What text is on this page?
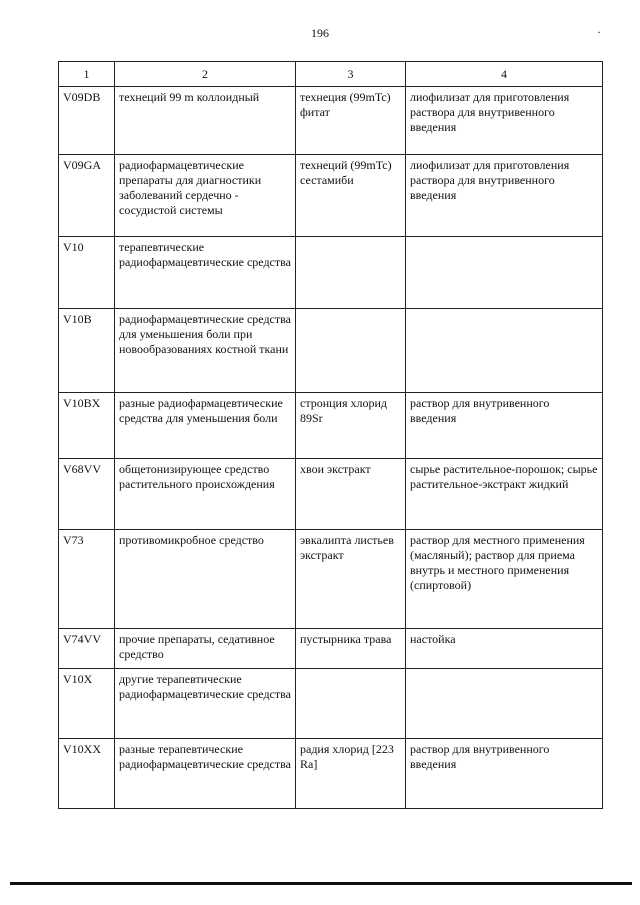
196	·
1	2	3	4
V09DB	технеций 99 m коллоидный	технеция (99mTc) фитат	лиофилизат для приготовления раствора для внутривенного введения
V09GA	радиофармацевтические препараты для диагностики заболеваний сердечно - сосудистой системы	технеций (99mTc) сестамиби	лиофилизат для приготовления раствора для внутривенного введения
V10	терапевтические радиофармацевтические средства		
V10B	радиофармацевтические средства для уменьшения боли при новообразованиях костной ткани		
V10BX	разные радиофармацевтические средства для уменьшения боли	стронция хлорид 89Sr	раствор для внутривенного введения
V68VV	общетонизирующее средство растительного происхождения	хвои экстракт	сырье растительное-порошок; сырье растительное-экстракт жидкий
V73	противомикробное средство	эвкалипта листьев экстракт	раствор для местного применения (масляный); раствор для приема внутрь и местного применения (спиртовой)
V74VV	прочие препараты, седативное средство	пустырника трава	настойка
V10X	другие терапевтические радиофармацевтические средства		
V10XX	разные терапевтические радиофармацевтические средства	радия хлорид [223 Ra]	раствор для внутривенного введения
